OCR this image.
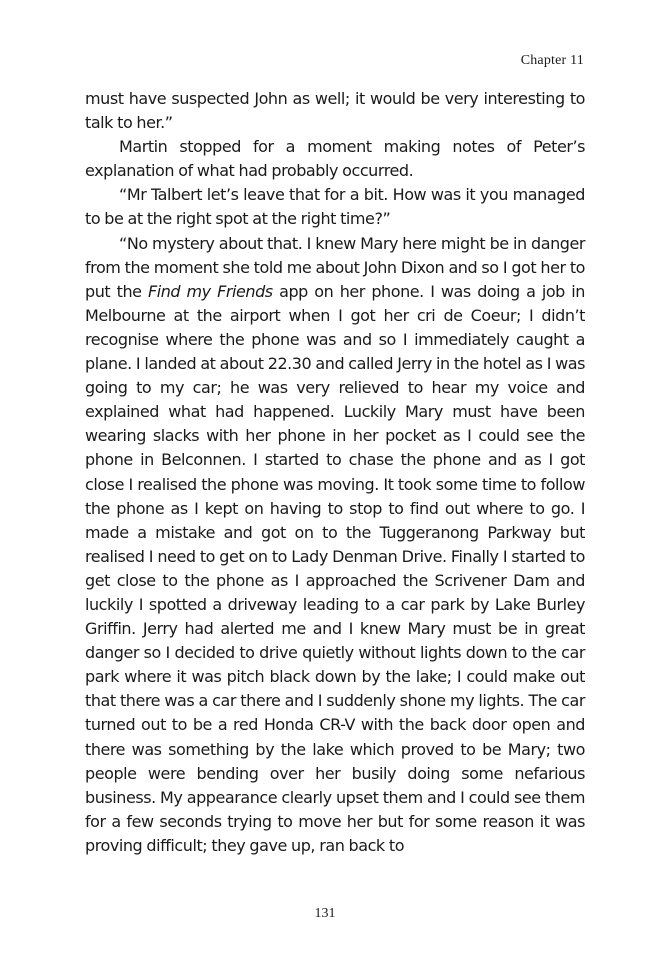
Chapter 11

must have suspected John as well; it would be very interesting to talk to her.”

Martin stopped for a moment making notes of Peter’s explanation of what had probably occurred.

“Mr Talbert let’s leave that for a bit. How was it you managed to be at the right spot at the right time?”

“No mystery about that. I knew Mary here might be in danger from the moment she told me about John Dixon and so I got her to put the Find my Friends app on her phone. I was doing a job in Melbourne at the airport when I got her cri de Coeur; I didn’t recognise where the phone was and so I immediately caught a plane. I landed at about 22.30 and called Jerry in the hotel as I was going to my car; he was very relieved to hear my voice and explained what had happened. Luckily Mary must have been wearing slacks with her phone in her pocket as I could see the phone in Belconnen. I started to chase the phone and as I got close I realised the phone was moving. It took some time to follow the phone as I kept on having to stop to find out where to go. I made a mistake and got on to the Tuggeranong Parkway but realised I need to get on to Lady Denman Drive. Finally I started to get close to the phone as I approached the Scrivener Dam and luckily I spotted a driveway leading to a car park by Lake Burley Griffin. Jerry had alerted me and I knew Mary must be in great danger so I decided to drive quietly without lights down to the car park where it was pitch black down by the lake; I could make out that there was a car there and I suddenly shone my lights. The car turned out to be a red Honda CR-V with the back door open and there was something by the lake which proved to be Mary; two people were bending over her busily doing some nefarious business. My appearance clearly upset them and I could see them for a few seconds trying to move her but for some reason it was proving difficult; they gave up, ran back to

131
